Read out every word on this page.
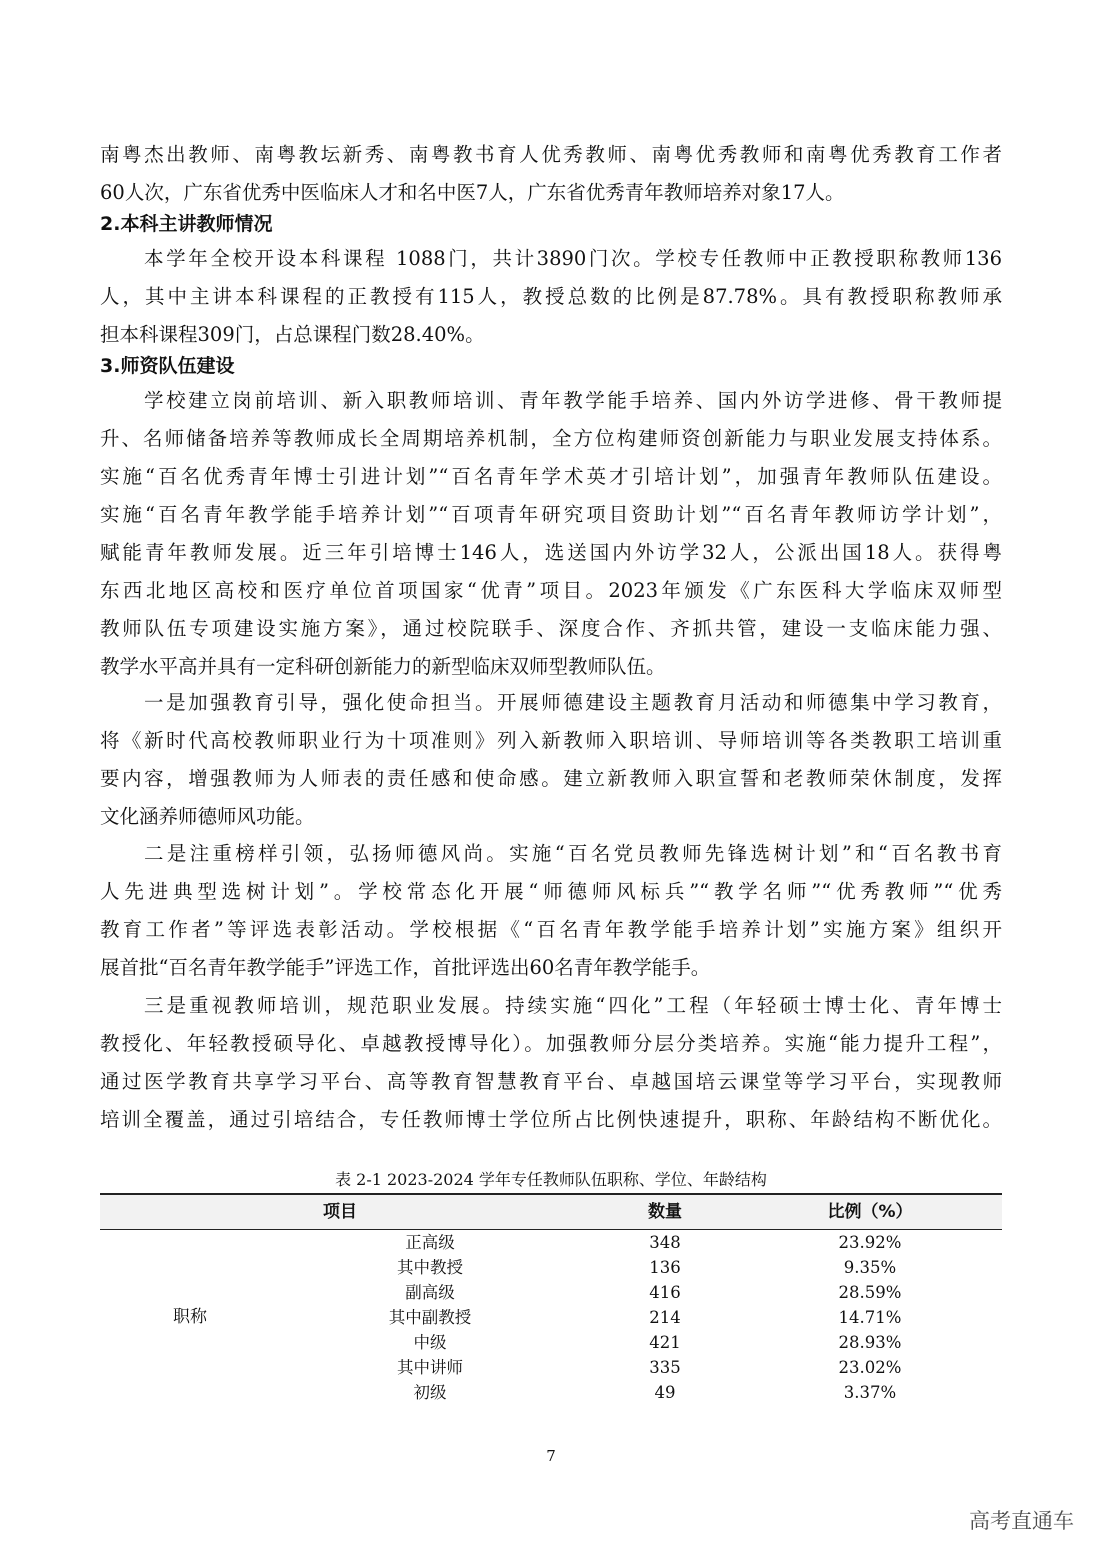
南粤杰出教师、南粤教坛新秀、南粤教书育人优秀教师、南粤优秀教师和南粤优秀教育工作者
60人次，广东省优秀中医临床人才和名中医7人，广东省优秀青年教师培养对象17人。
2.本科主讲教师情况
本学年全校开设本科课程 1088门，共计3890门次。学校专任教师中正教授职称教师136
人，其中主讲本科课程的正教授有115人，教授总数的比例是87.78%。具有教授职称教师承
担本科课程309门，占总课程门数28.40%。
3.师资队伍建设
学校建立岗前培训、新入职教师培训、青年教学能手培养、国内外访学进修、骨干教师提
升、名师储备培养等教师成长全周期培养机制，全方位构建师资创新能力与职业发展支持体系。
实施“百名优秀青年博士引进计划”“百名青年学术英才引培计划”，加强青年教师队伍建设。
实施“百名青年教学能手培养计划”“百项青年研究项目资助计划”“百名青年教师访学计划”，
赋能青年教师发展。近三年引培博士146人，选送国内外访学32人，公派出国18人。获得粤
东西北地区高校和医疗单位首项国家“优青”项目。2023年颁发《广东医科大学临床双师型
教师队伍专项建设实施方案》，通过校院联手、深度合作、齐抓共管，建设一支临床能力强、
教学水平高并具有一定科研创新能力的新型临床双师型教师队伍。
一是加强教育引导，强化使命担当。开展师德建设主题教育月活动和师德集中学习教育，
将《新时代高校教师职业行为十项准则》列入新教师入职培训、导师培训等各类教职工培训重
要内容，增强教师为人师表的责任感和使命感。建立新教师入职宣誓和老教师荣休制度，发挥
文化涵养师德师风功能。
二是注重榜样引领，弘扬师德风尚。实施“百名党员教师先锋选树计划”和“百名教书育
人先进典型选树计划”。学校常态化开展“师德师风标兵”“教学名师”“优秀教师”“优秀
教育工作者”等评选表彰活动。学校根据《“百名青年教学能手培养计划”实施方案》组织开
展首批“百名青年教学能手”评选工作，首批评选出60名青年教学能手。
三是重视教师培训，规范职业发展。持续实施“四化”工程（年轻硕士博士化、青年博士
教授化、年轻教授硕导化、卓越教授博导化）。加强教师分层分类培养。实施“能力提升工程”，
通过医学教育共享学习平台、高等教育智慧教育平台、卓越国培云课堂等学习平台，实现教师
培训全覆盖，通过引培结合，专任教师博士学位所占比例快速提升，职称、年龄结构不断优化。
表 2-1 2023-2024 学年专任教师队伍职称、学位、年龄结构
项目	数量	比例（%）
职称
正高级	348	23.92%
其中教授	136	9.35%
副高级	416	28.59%
其中副教授	214	14.71%
中级	421	28.93%
其中讲师	335	23.02%
初级	49	3.37%
7
高考直通车
